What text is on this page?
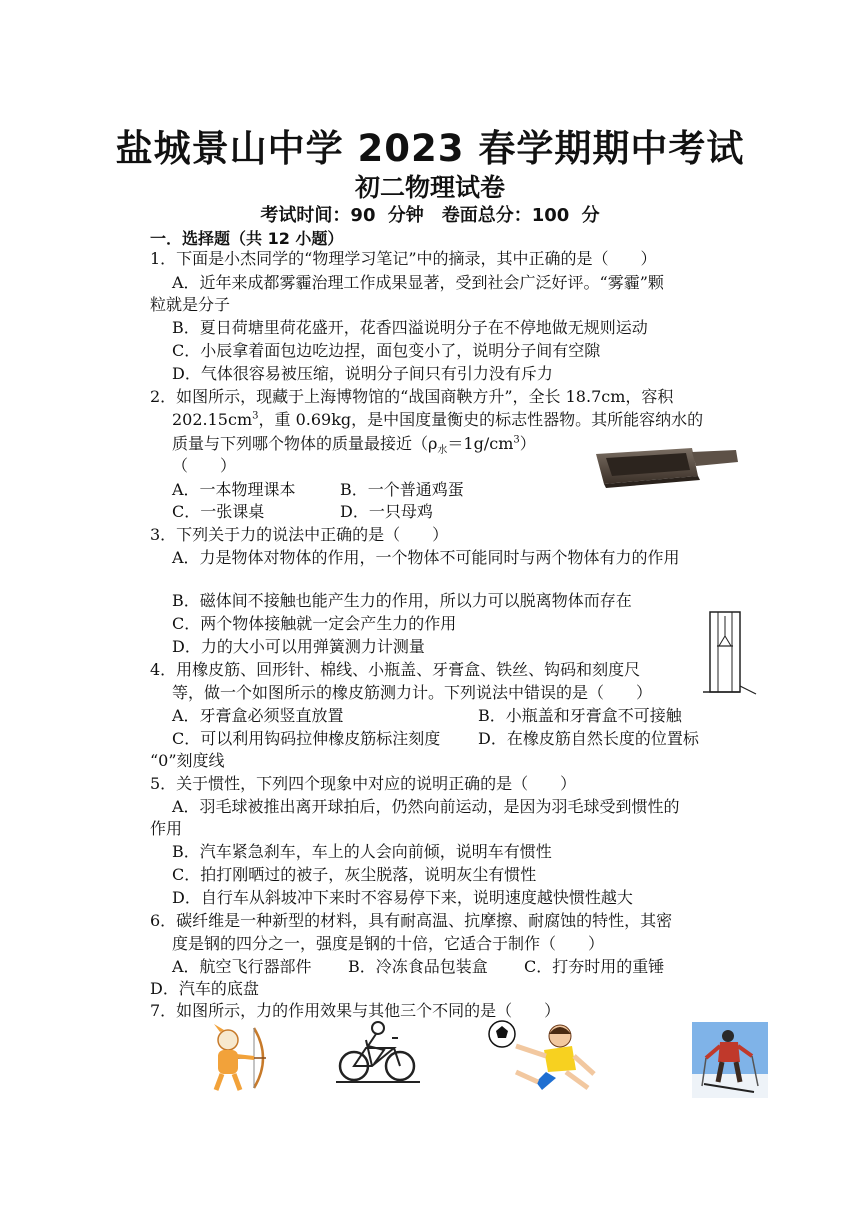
盐城景山中学 2023 春学期期中考试
初二物理试卷
考试时间：90 分钟　卷面总分：100 分
一．选择题（共 12 小题）
1．下面是小杰同学的“物理学习笔记”中的摘录，其中正确的是（　　）
A．近年来成都雾霾治理工作成果显著，受到社会广泛好评。“雾霾”颗
粒就是分子
B．夏日荷塘里荷花盛开，花香四溢说明分子在不停地做无规则运动
C．小辰拿着面包边吃边捏，面包变小了，说明分子间有空隙
D．气体很容易被压缩，说明分子间只有引力没有斥力
2．如图所示，现藏于上海博物馆的“战国商鞅方升”，全长 18.7cm，容积
$202.15cm^3$，重 0.69kg，是中国度量衡史的标志性器物。其所能容纳水的
质量与下列哪个物体的质量最接近$(\rho_水=1g/cm^3)$
（　　）
A．一本物理课本	B．一个普通鸡蛋
C．一张课桌	D．一只母鸡
3．下列关于力的说法中正确的是（　　）
A．力是物体对物体的作用，一个物体不可能同时与两个物体有力的作用
B．磁体间不接触也能产生力的作用，所以力可以脱离物体而存在
C．两个物体接触就一定会产生力的作用
D．力的大小可以用弹簧测力计测量
4．用橡皮筋、回形针、棉线、小瓶盖、牙膏盒、铁丝、钩码和刻度尺
等，做一个如图所示的橡皮筋测力计。下列说法中错误的是（　　）
A．牙膏盒必须竖直放置	B．小瓶盖和牙膏盒不可接触
C．可以利用钩码拉伸橡皮筋标注刻度 D．在橡皮筋自然长度的位置标
“0”刻度线
5．关于惯性，下列四个现象中对应的说明正确的是（　　）
A．羽毛球被推出离开球拍后，仍然向前运动，是因为羽毛球受到惯性的
作用
B．汽车紧急刹车，车上的人会向前倾，说明车有惯性
C．拍打刚晒过的被子，灰尘脱落，说明灰尘有惯性
D．自行车从斜坡冲下来时不容易停下来，说明速度越快惯性越大
6．碳纤维是一种新型的材料，具有耐高温、抗摩擦、耐腐蚀的特性，其密
度是钢的四分之一，强度是钢的十倍，它适合于制作（　　）
A．航空飞行器部件 B．冷冻食品包装盒 C．打夯时用的重锤
D．汽车的底盘
7．如图所示，力的作用效果与其他三个不同的是（　　）
